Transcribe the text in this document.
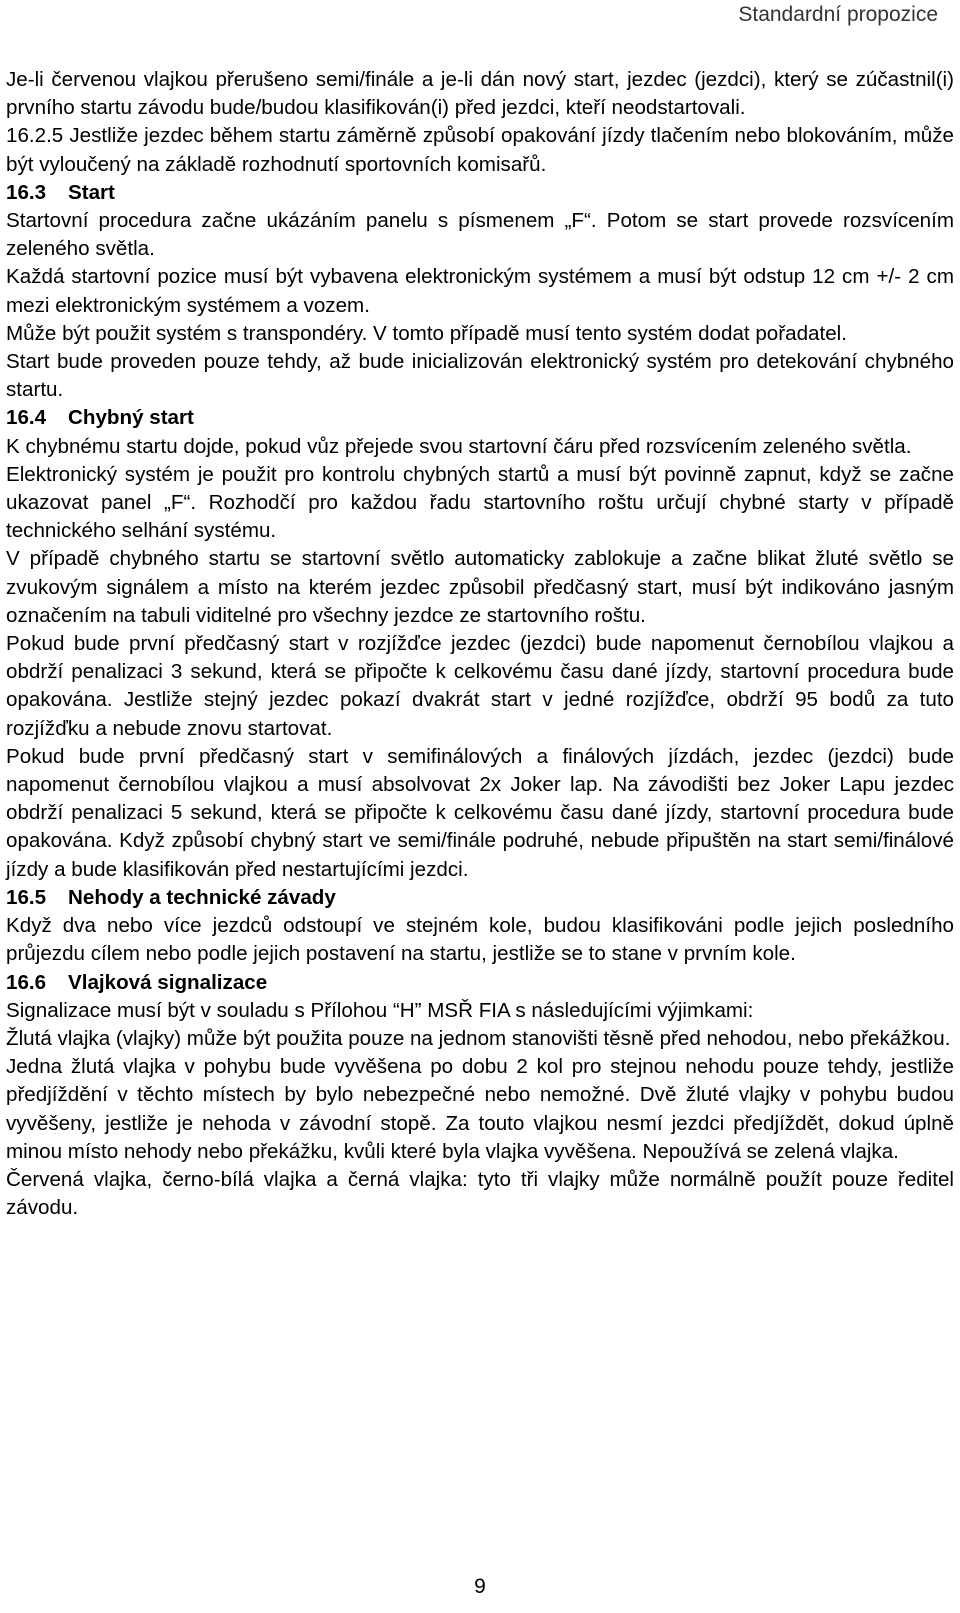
Standardní propozice

Je-li červenou vlajkou přerušeno semi/finále a je-li dán nový start, jezdec (jezdci), který se zúčastnil(i) prvního startu závodu bude/budou klasifikován(i) před jezdci, kteří neodstartovali.

16.2.5 Jestliže jezdec během startu záměrně způsobí opakování jízdy tlačením nebo blokováním, může být vyloučený na základě rozhodnutí sportovních komisařů.

16.3 Start

Startovní procedura začne ukázáním panelu s písmenem „F“. Potom se start provede rozsvícením zeleného světla.

Každá startovní pozice musí být vybavena elektronickým systémem a musí být odstup 12 cm +/- 2 cm mezi elektronickým systémem a vozem.

Může být použit systém s transpondéry. V tomto případě musí tento systém dodat pořadatel.

Start bude proveden pouze tehdy, až bude inicializován elektronický systém pro detekování chybného startu.

16.4 Chybný start

K chybnému startu dojde, pokud vůz přejede svou startovní čáru před rozsvícením zeleného světla.

Elektronický systém je použit pro kontrolu chybných startů a musí být povinně zapnut, když se začne ukazovat panel „F“. Rozhodčí pro každou řadu startovního roštu určují chybné starty v případě technického selhání systému.

V případě chybného startu se startovní světlo automaticky zablokuje a začne blikat žluté světlo se zvukovým signálem a místo na kterém jezdec způsobil předčasný start, musí být indikováno jasným označením na tabuli viditelné pro všechny jezdce ze startovního roštu.

Pokud bude první předčasný start v rozjížďce jezdec (jezdci) bude napomenut černobílou vlajkou a obdrží penalizaci 3 sekund, která se připočte k celkovému času dané jízdy, startovní procedura bude opakována. Jestliže stejný jezdec pokazí dvakrát start v jedné rozjížďce, obdrží 95 bodů za tuto rozjížďku a nebude znovu startovat.

Pokud bude první předčasný start v semifinálových a finálových jízdách, jezdec (jezdci) bude napomenut černobílou vlajkou a musí absolvovat 2x Joker lap. Na závodišti bez Joker Lapu jezdec obdrží penalizaci 5 sekund, která se připočte k celkovému času dané jízdy, startovní procedura bude opakována. Když způsobí chybný start ve semi/finále podruhé, nebude připuštěn na start semi/finálové jízdy a bude klasifikován před nestartujícími jezdci.

16.5 Nehody a technické závady

Když dva nebo více jezdců odstoupí ve stejném kole, budou klasifikováni podle jejich posledního průjezdu cílem nebo podle jejich postavení na startu, jestliže se to stane v prvním kole.

16.6 Vlajková signalizace

Signalizace musí být v souladu s Přílohou “H” MSŘ FIA s následujícími výjimkami:

Žlutá vlajka (vlajky) může být použita pouze na jednom stanovišti těsně před nehodou, nebo překážkou.

Jedna žlutá vlajka v pohybu bude vyvěšena po dobu 2 kol pro stejnou nehodu pouze tehdy, jestliže předjíždění v těchto místech by bylo nebezpečné nebo nemožné. Dvě žluté vlajky v pohybu budou vyvěšeny, jestliže je nehoda v závodní stopě. Za touto vlajkou nesmí jezdci předjíždět, dokud úplně minou místo nehody nebo překážku, kvůli které byla vlajka vyvěšena. Nepoužívá se zelená vlajka.

Červená vlajka, černo-bílá vlajka a černá vlajka: tyto tři vlajky může normálně použít pouze ředitel závodu.

9
